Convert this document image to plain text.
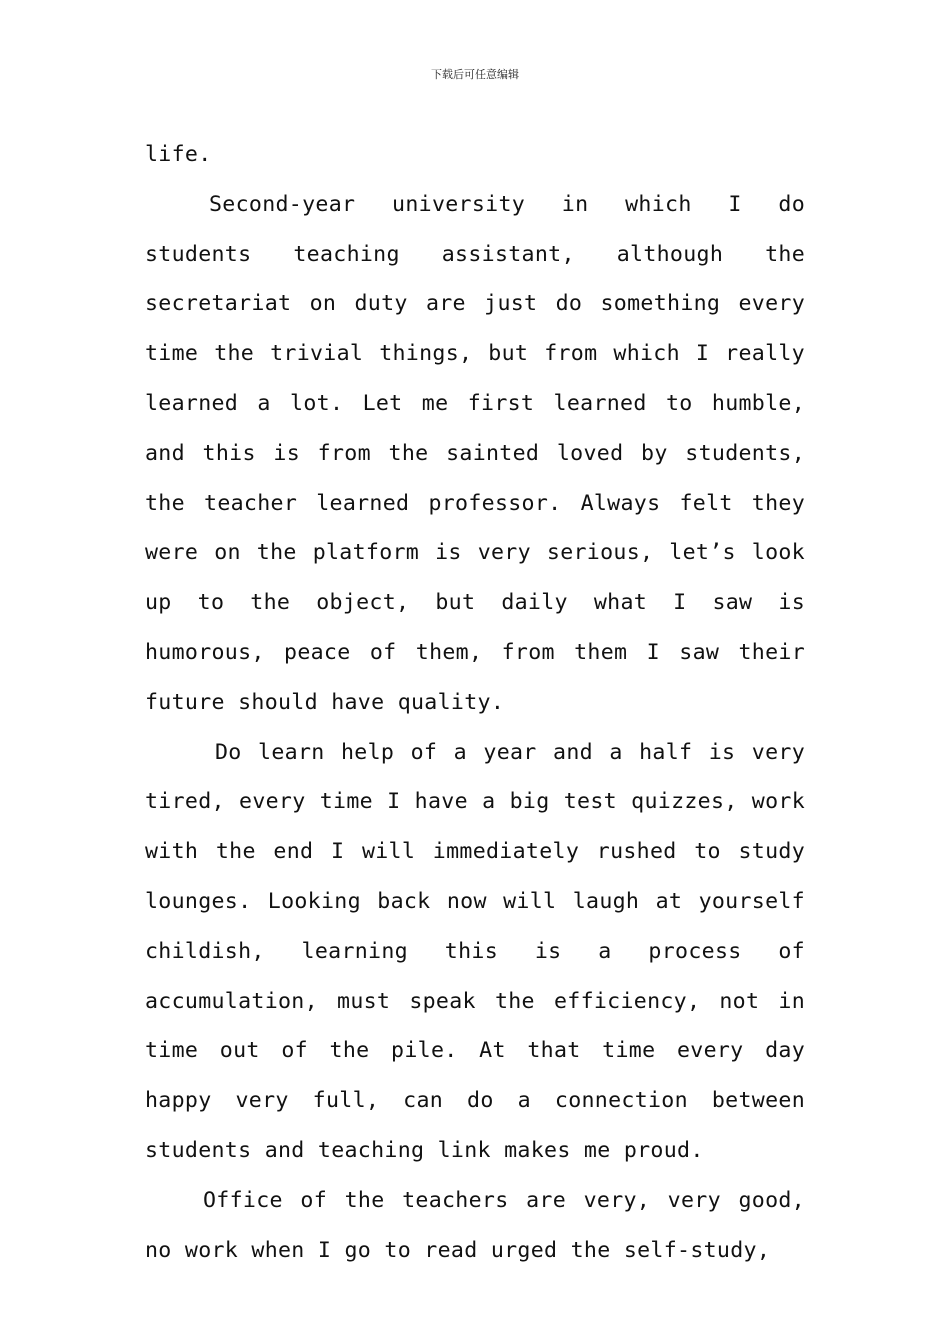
下载后可任意编辑

life.

Second-year university in which I do students teaching assistant, although the secretariat on duty are just do something every time the trivial things, but from which I really learned a lot. Let me first learned to humble, and this is from the sainted loved by students, the teacher learned professor. Always felt they were on the platform is very serious, let’s look up to the object, but daily what I saw is humorous, peace of them, from them I saw their future should have quality.

Do learn help of a year and a half is very tired, every time I have a big test quizzes, work with the end I will immediately rushed to study lounges. Looking back now will laugh at yourself childish, learning this is a process of accumulation, must speak the efficiency, not in time out of the pile. At that time every day happy very full, can do a connection between students and teaching link makes me proud.

Office of the teachers are very, very good, no work when I go to read urged the self-study,
